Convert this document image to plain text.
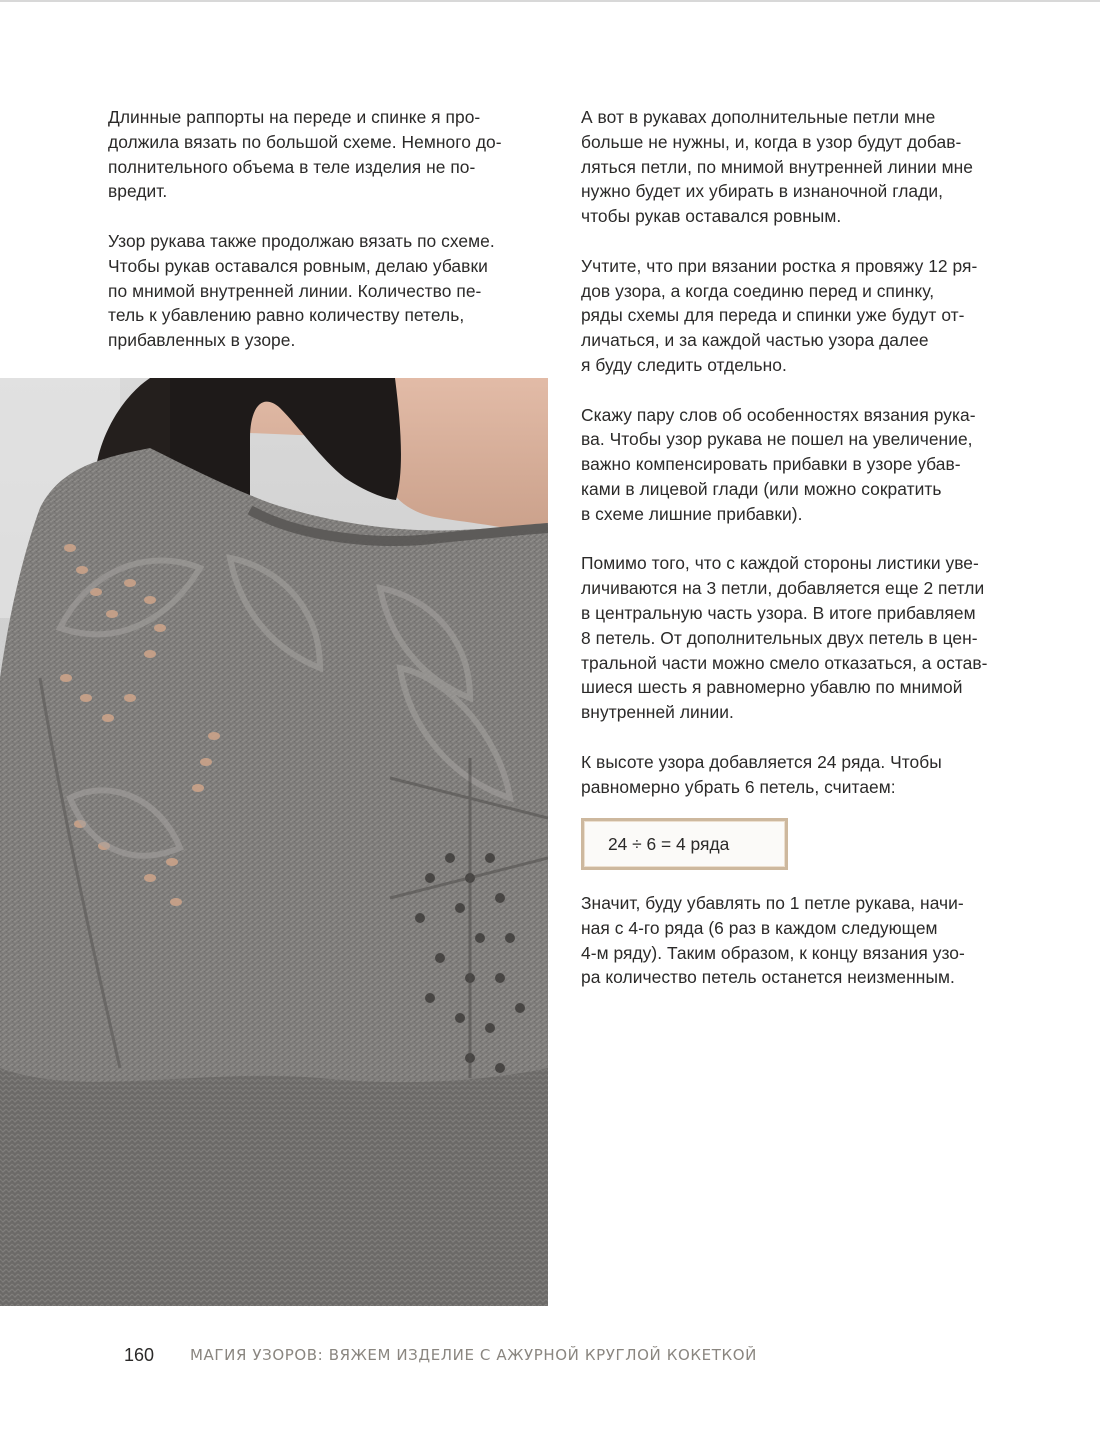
Длинные раппорты на переде и спинке я про-
должила вязать по большой схеме. Немного до-
полнительного объема в теле изделия не по-
вредит.

Узор рукава также продолжаю вязать по схеме.
Чтобы рукав оставался ровным, делаю убавки
по мнимой внутренней линии. Количество пе-
тель к убавлению равно количеству петель,
прибавленных в узоре.

А вот в рукавах дополнительные петли мне
больше не нужны, и, когда в узор будут добав-
ляться петли, по мнимой внутренней линии мне
нужно будет их убирать в изнаночной глади,
чтобы рукав оставался ровным.

Учтите, что при вязании ростка я провяжу 12 ря-
дов узора, а когда соединю перед и спинку,
ряды схемы для переда и спинки уже будут от-
личаться, и за каждой частью узора далее
я буду следить отдельно.

Скажу пару слов об особенностях вязания рука-
ва. Чтобы узор рукава не пошел на увеличение,
важно компенсировать прибавки в узоре убав-
ками в лицевой глади (или можно сократить
в схеме лишние прибавки).

Помимо того, что с каждой стороны листики уве-
личиваются на 3 петли, добавляется еще 2 петли
в центральную часть узора. В итоге прибавляем
8 петель. От дополнительных двух петель в цен-
тральной части можно смело отказаться, а остав-
шиеся шесть я равномерно убавлю по мнимой
внутренней линии.

К высоте узора добавляется 24 ряда. Чтобы
равномерно убрать 6 петель, считаем:

24 ÷ 6 = 4 ряда

Значит, буду убавлять по 1 петле рукава, начи-
ная с 4-го ряда (6 раз в каждом следующем
4-м ряду). Таким образом, к концу вязания узо-
ра количество петель останется неизменным.

160 МАГИЯ УЗОРОВ: ВЯЖЕМ ИЗДЕЛИЕ С АЖУРНОЙ КРУГЛОЙ КОКЕТКОЙ
